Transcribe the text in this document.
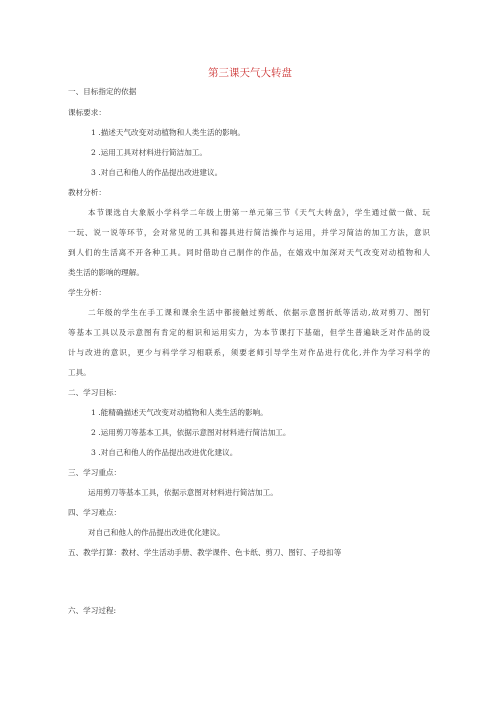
第三课天气大转盘
一、目标指定的依据
课标要求：
1 .描述天气改变对动植物和人类生活的影响。
2 .运用工具对材料进行简洁加工。
3 .对自己和他人的作品提出改进建议。
教材分析：
本节课选自大象版小学科学二年级上册第一单元第三节《天气大转盘》，学生通过做一做、玩
一玩、说一说等环节，会对常见的工具和器具进行简洁操作与运用，并学习简洁的加工方法，意识
到人们的生活离不开各种工具。同时借助自己制作的作品，在嬉戏中加深对天气改变对动植物和人
类生活的影响的理解。
学生分析：
二年级的学生在手工课和课余生活中都接触过剪纸、依据示意图折纸等活动,故对剪刀、图钉
等基本工具以及示意图有肯定的相识和运用实力，为本节课打下基础，但学生普遍缺乏对作品的设
计与改进的意识，更少与科学学习相联系，须要老师引导学生对作品进行优化,并作为学习科学的
工具。
二、学习目标：
1 .能精确描述天气改变对动植物和人类生活的影响。
2 .运用剪刀等基本工具，依据示意图对材料进行简洁加工。
3 .对自己和他人的作品提出改进优化建议。
三、学习重点：
运用剪刀等基本工具，依据示意图对材料进行简洁加工。
四、学习难点：
对自己和他人的作品提出改进优化建议。
五、教学打算：教材、学生活动手册、教学课件、色卡纸、剪刀、图钉、子母扣等
六、学习过程:
